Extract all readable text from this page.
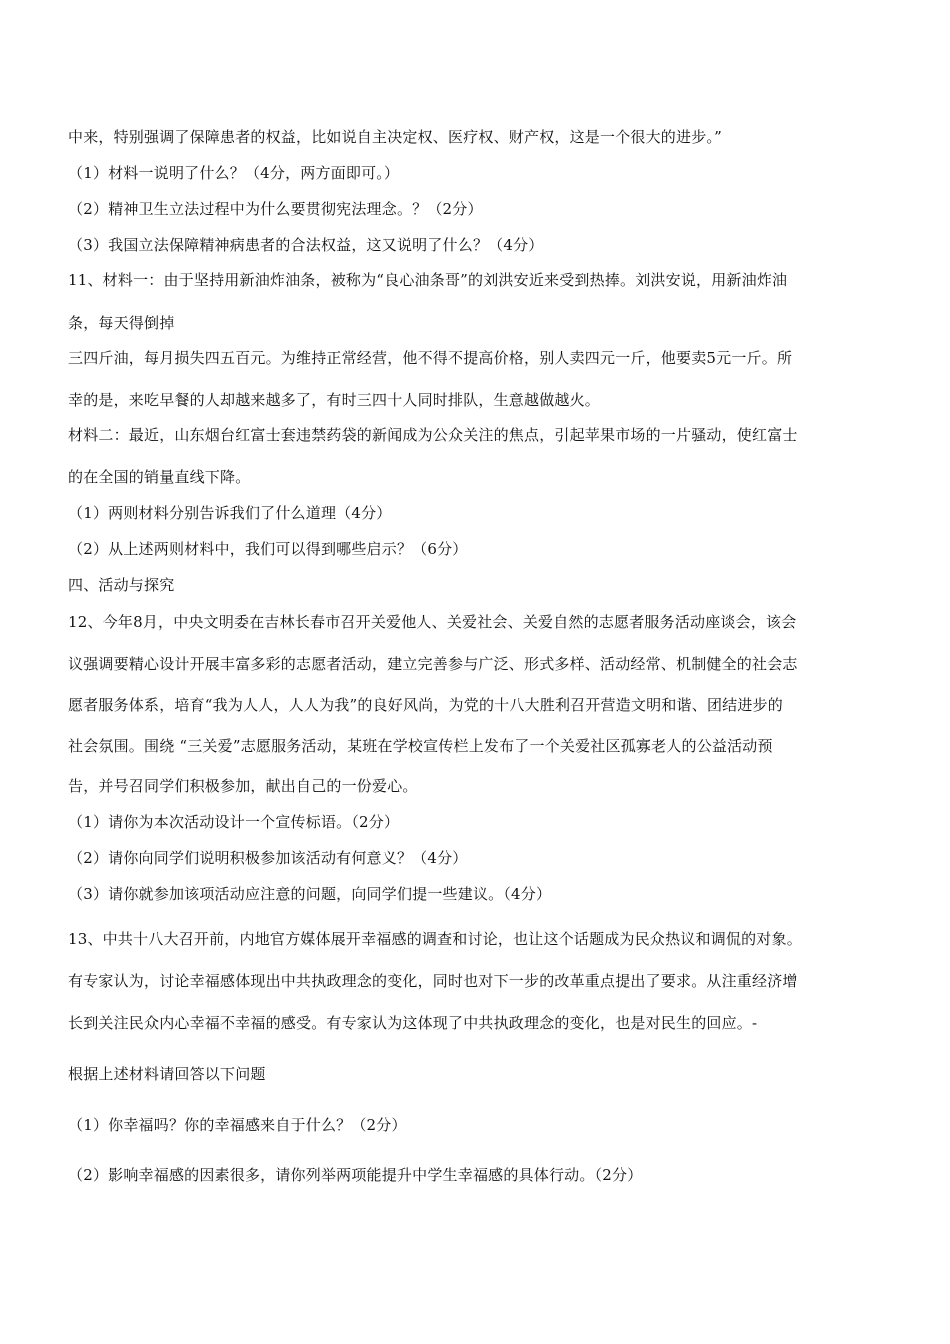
中来，特别强调了保障患者的权益，比如说自主决定权、医疗权、财产权，这是一个很大的进步。”
（1）材料一说明了什么？（4分，两方面即可。）
（2）精神卫生立法过程中为什么要贯彻宪法理念。？（2分）
（3）我国立法保障精神病患者的合法权益，这又说明了什么？（4分）
11、材料一：由于坚持用新油炸油条，被称为“良心油条哥”的刘洪安近来受到热捧。刘洪安说，用新油炸油
条，每天得倒掉
三四斤油，每月损失四五百元。为维持正常经营，他不得不提高价格，别人卖四元一斤，他要卖5元一斤。所
幸的是，来吃早餐的人却越来越多了，有时三四十人同时排队，生意越做越火。
材料二：最近，山东烟台红富士套违禁药袋的新闻成为公众关注的焦点，引起苹果市场的一片骚动，使红富士
的在全国的销量直线下降。
（1）两则材料分别告诉我们了什么道理（4分）
（2）从上述两则材料中，我们可以得到哪些启示？（6分）
四、活动与探究
12、今年8月，中央文明委在吉林长春市召开关爱他人、关爱社会、关爱自然的志愿者服务活动座谈会，该会
议强调要精心设计开展丰富多彩的志愿者活动，建立完善参与广泛、形式多样、活动经常、机制健全的社会志
愿者服务体系，培育“我为人人，人人为我”的良好风尚，为党的十八大胜利召开营造文明和谐、团结进步的
社会氛围。围绕 “三关爱”志愿服务活动，某班在学校宣传栏上发布了一个关爱社区孤寡老人的公益活动预
告，并号召同学们积极参加，献出自己的一份爱心。
（1）请你为本次活动设计一个宣传标语。（2分）
（2）请你向同学们说明积极参加该活动有何意义？（4分）
（3）请你就参加该项活动应注意的问题，向同学们提一些建议。（4分）
13、中共十八大召开前，内地官方媒体展开幸福感的调查和讨论，也让这个话题成为民众热议和调侃的对象。
有专家认为，讨论幸福感体现出中共执政理念的变化，同时也对下一步的改革重点提出了要求。从注重经济增
长到关注民众内心幸福不幸福的感受。有专家认为这体现了中共执政理念的变化，也是对民生的回应。-
根据上述材料请回答以下问题
（1）你幸福吗？你的幸福感来自于什么？（2分）
（2）影响幸福感的因素很多，请你列举两项能提升中学生幸福感的具体行动。（2分）
